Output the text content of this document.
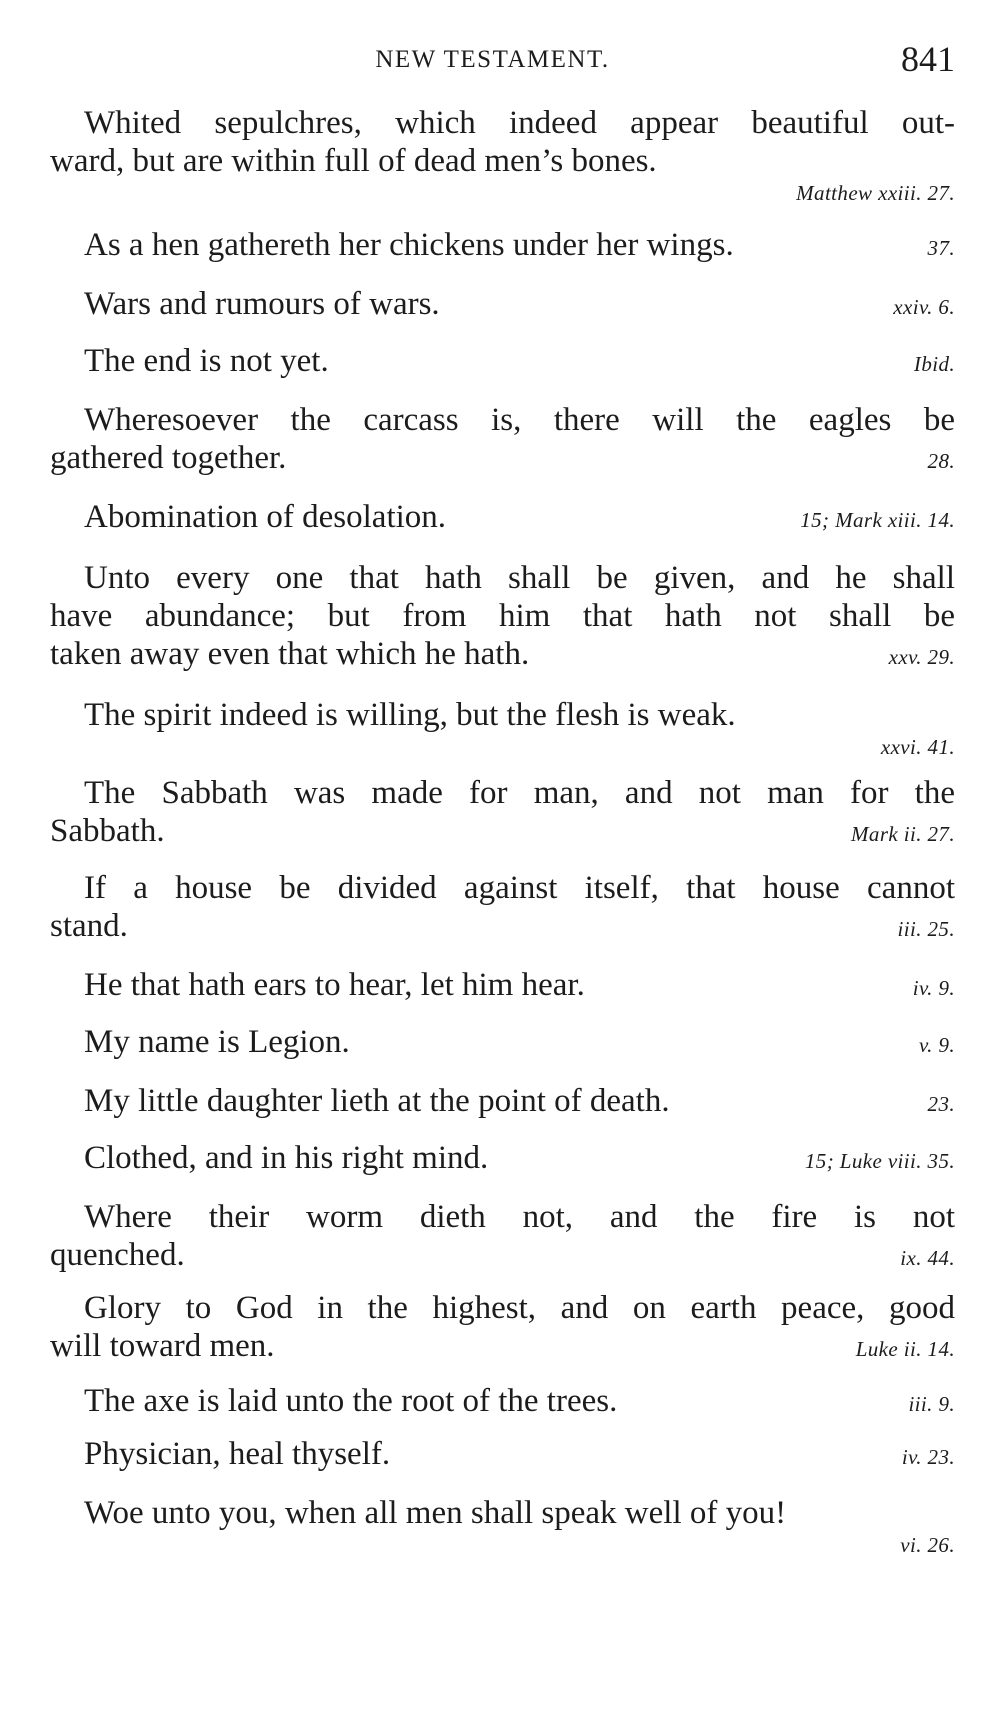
NEW TESTAMENT.	841
Whited sepulchres, which indeed appear beautiful out-
ward, but are within full of dead men’s bones.
Matthew xxiii. 27.
As a hen gathereth her chickens under her wings.	37.
Wars and rumours of wars.	xxiv. 6.
The end is not yet.	Ibid.
Wheresoever the carcass is, there will the eagles be
gathered together.	28.
Abomination of desolation.	15; Mark xiii. 14.
Unto every one that hath shall be given, and he shall
have abundance; but from him that hath not shall be
taken away even that which he hath.	xxv. 29.
The spirit indeed is willing, but the flesh is weak.
xxvi. 41.
The Sabbath was made for man, and not man for the
Sabbath.	Mark ii. 27.
If a house be divided against itself, that house cannot
stand.	iii. 25.
He that hath ears to hear, let him hear.	iv. 9.
My name is Legion.	v. 9.
My little daughter lieth at the point of death.	23.
Clothed, and in his right mind.	15; Luke viii. 35.
Where their worm dieth not, and the fire is not
quenched.	ix. 44.
Glory to God in the highest, and on earth peace, good
will toward men.	Luke ii. 14.
The axe is laid unto the root of the trees.	iii. 9.
Physician, heal thyself.	iv. 23.
Woe unto you, when all men shall speak well of you!
vi. 26.
